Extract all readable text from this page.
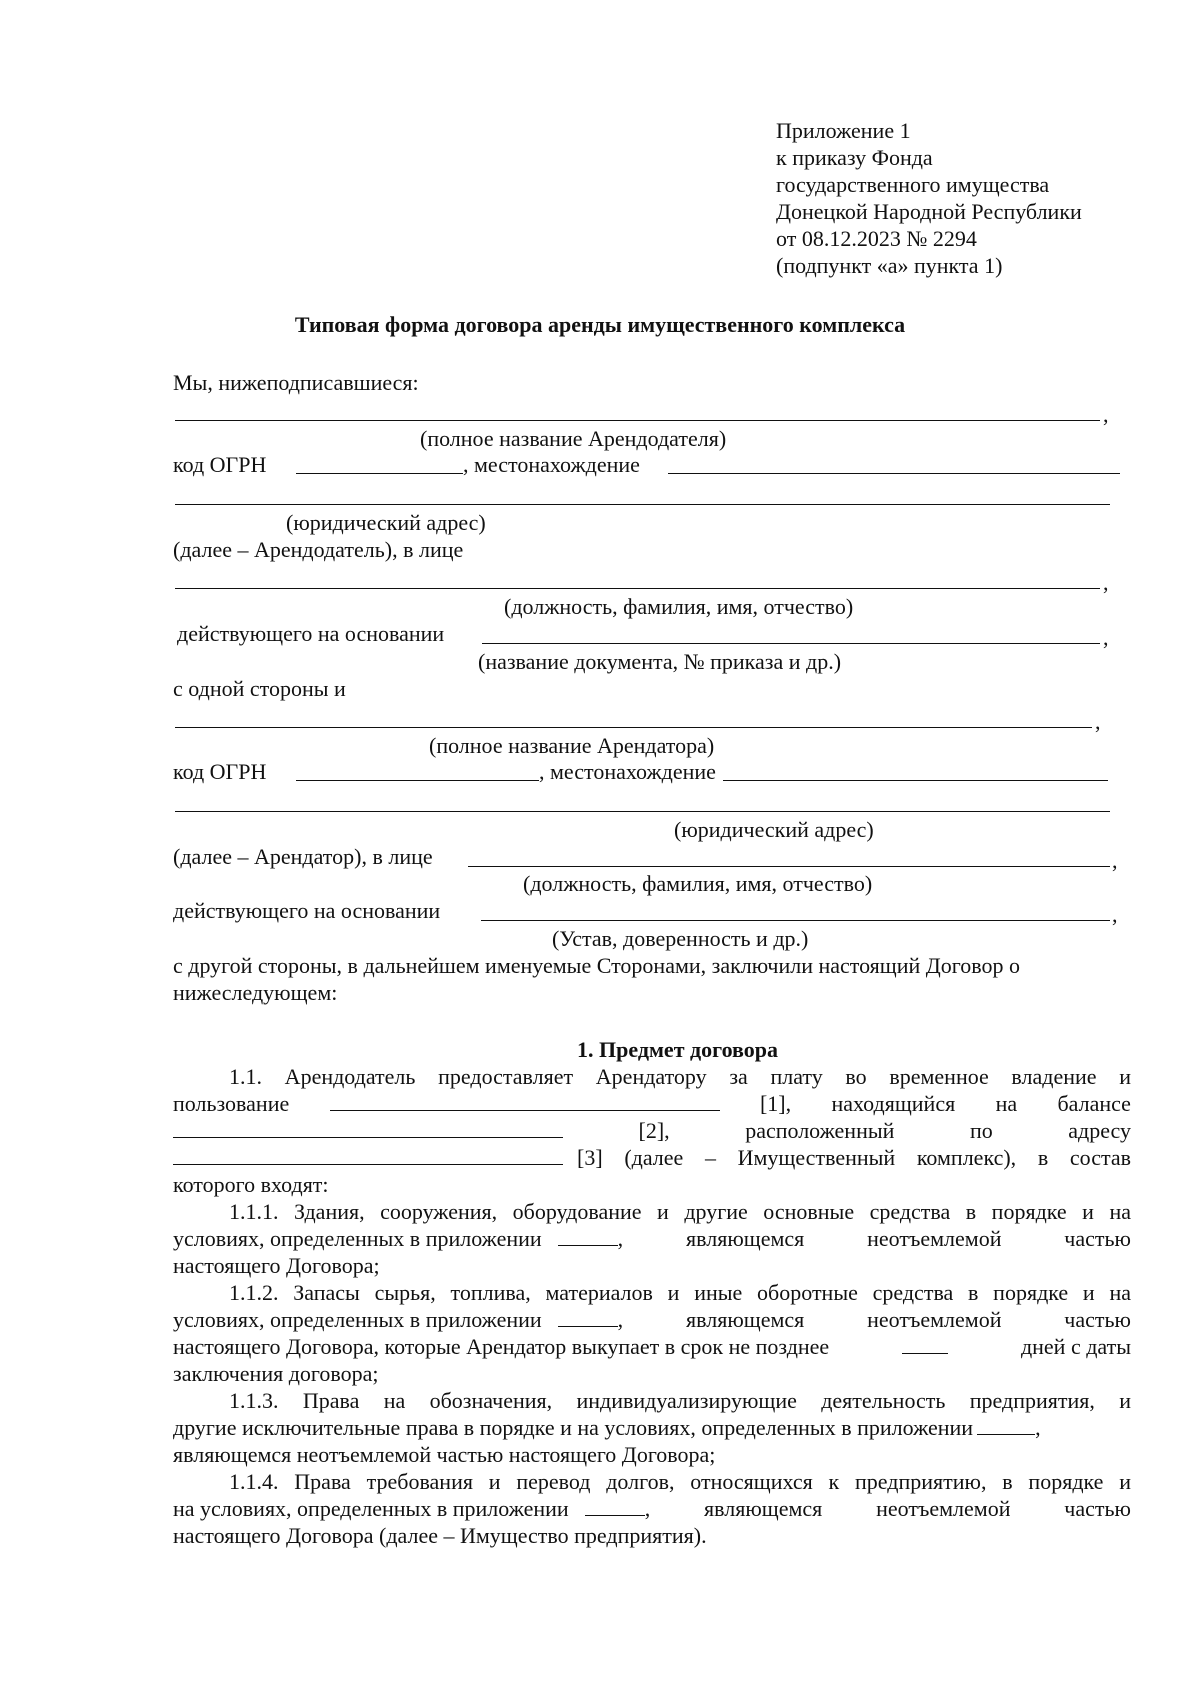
Приложение 1
к приказу Фонда
государственного имущества
Донецкой Народной Республики
от 08.12.2023 № 2294
(подпункт «а» пункта 1)
Типовая форма договора аренды имущественного комплекса
Мы, нижеподписавшиеся:
,
(полное название Арендодателя)
код ОГРН	, местонахождение
(юридический адрес)
(далее – Арендодатель), в лице
,
(должность, фамилия, имя, отчество)
действующего на основании	,
(название документа, № приказа и др.)
с одной стороны и
,
(полное название Арендатора)
код ОГРН	, местонахождение
(юридический адрес)
(далее – Арендатор), в лице	,
(должность, фамилия, имя, отчество)
действующего на основании	,
(Устав, доверенность и др.)
с другой стороны, в дальнейшем именуемые Сторонами, заключили настоящий Договор о
нижеследующем:
1. Предмет договора
1.1. Арендодатель предоставляет Арендатору за плату во временное владение и
пользование	[1], находящийся на балансе
[2],	расположенный	по	адресу
[3] (далее – Имущественный комплекс), в состав
которого входят:
1.1.1. Здания, сооружения, оборудование и другие основные средства в порядке и на
условиях, определенных в приложении	, являющемся неотъемлемой частью
настоящего Договора;
1.1.2. Запасы сырья, топлива, материалов и иные оборотные средства в порядке и на
условиях, определенных в приложении	, являющемся неотъемлемой частью
настоящего Договора, которые Арендатор выкупает в срок не позднее	дней с даты
заключения договора;
1.1.3. Права на обозначения, индивидуализирующие деятельность предприятия, и
другие исключительные права в порядке и на условиях, определенных в приложении	,
являющемся неотъемлемой частью настоящего Договора;
1.1.4. Права требования и перевод долгов, относящихся к предприятию, в порядке и
на условиях, определенных в приложении	, являющемся неотъемлемой частью
настоящего Договора (далее – Имущество предприятия).
